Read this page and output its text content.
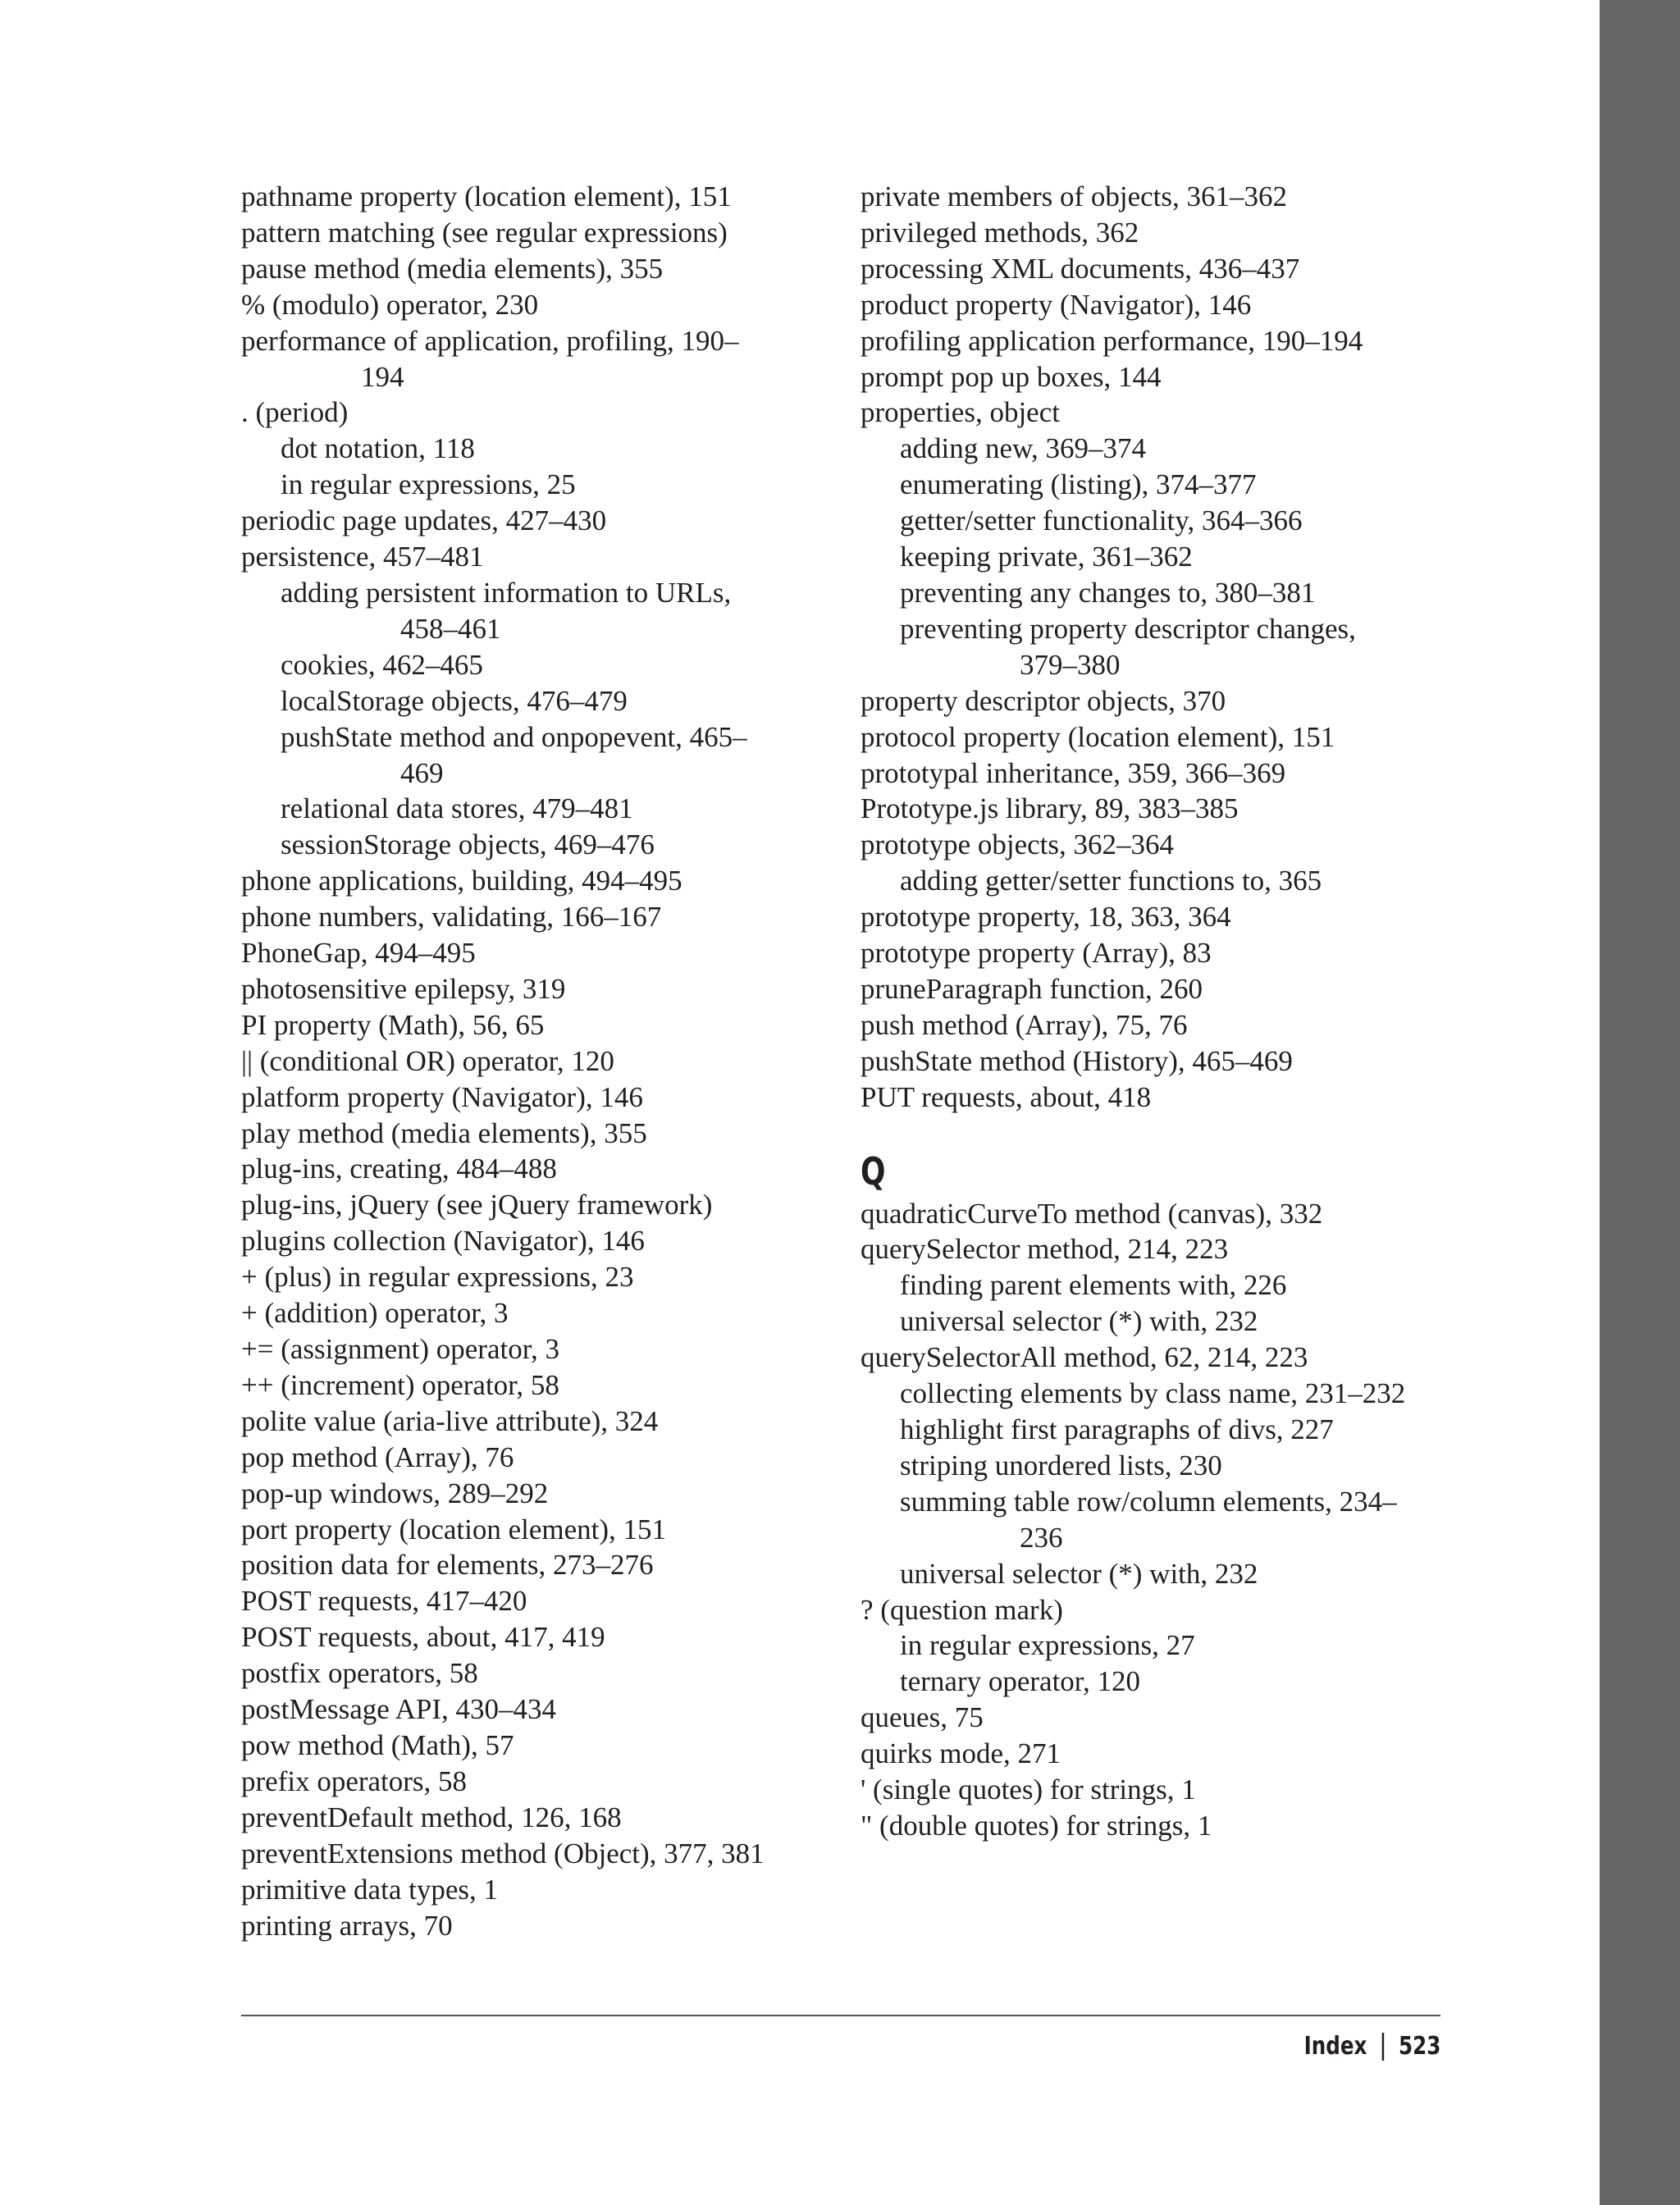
pathname property (location element), 151
pattern matching (see regular expressions)
pause method (media elements), 355
% (modulo) operator, 230
performance of application, profiling, 190–
194
. (period)
dot notation, 118
in regular expressions, 25
periodic page updates, 427–430
persistence, 457–481
adding persistent information to URLs,
458–461
cookies, 462–465
localStorage objects, 476–479
pushState method and onpopevent, 465–
469
relational data stores, 479–481
sessionStorage objects, 469–476
phone applications, building, 494–495
phone numbers, validating, 166–167
PhoneGap, 494–495
photosensitive epilepsy, 319
PI property (Math), 56, 65
|| (conditional OR) operator, 120
platform property (Navigator), 146
play method (media elements), 355
plug-ins, creating, 484–488
plug-ins, jQuery (see jQuery framework)
plugins collection (Navigator), 146
+ (plus) in regular expressions, 23
+ (addition) operator, 3
+= (assignment) operator, 3
++ (increment) operator, 58
polite value (aria-live attribute), 324
pop method (Array), 76
pop-up windows, 289–292
port property (location element), 151
position data for elements, 273–276
POST requests, 417–420
POST requests, about, 417, 419
postfix operators, 58
postMessage API, 430–434
pow method (Math), 57
prefix operators, 58
preventDefault method, 126, 168
preventExtensions method (Object), 377, 381
primitive data types, 1
printing arrays, 70
private members of objects, 361–362
privileged methods, 362
processing XML documents, 436–437
product property (Navigator), 146
profiling application performance, 190–194
prompt pop up boxes, 144
properties, object
adding new, 369–374
enumerating (listing), 374–377
getter/setter functionality, 364–366
keeping private, 361–362
preventing any changes to, 380–381
preventing property descriptor changes,
379–380
property descriptor objects, 370
protocol property (location element), 151
prototypal inheritance, 359, 366–369
Prototype.js library, 89, 383–385
prototype objects, 362–364
adding getter/setter functions to, 365
prototype property, 18, 363, 364
prototype property (Array), 83
pruneParagraph function, 260
push method (Array), 75, 76
pushState method (History), 465–469
PUT requests, about, 418
Q
quadraticCurveTo method (canvas), 332
querySelector method, 214, 223
finding parent elements with, 226
universal selector (*) with, 232
querySelectorAll method, 62, 214, 223
collecting elements by class name, 231–232
highlight first paragraphs of divs, 227
striping unordered lists, 230
summing table row/column elements, 234–
236
universal selector (*) with, 232
? (question mark)
in regular expressions, 27
ternary operator, 120
queues, 75
quirks mode, 271
' (single quotes) for strings, 1
" (double quotes) for strings, 1
Index 523
